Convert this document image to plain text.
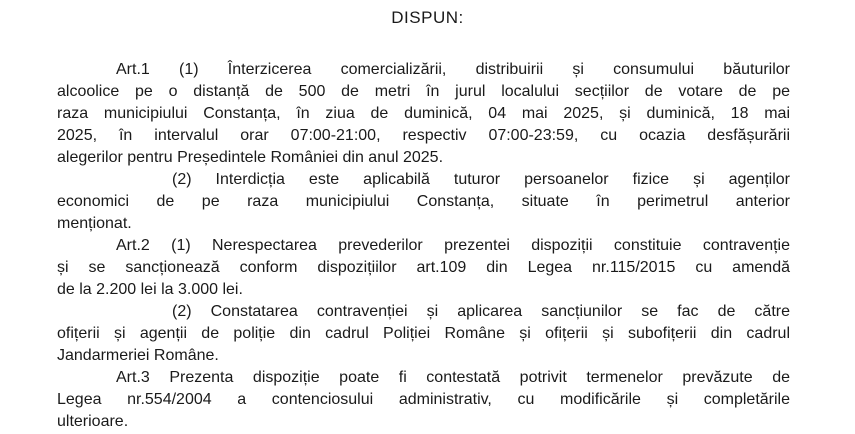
DISPUN:

Art.1 (1) Înterzicerea comercializării, distribuirii și consumului băuturilor

alcoolice pe o distanță de 500 de metri în jurul localului secțiilor de votare de pe

raza municipiului Constanța, în ziua de duminică, 04 mai 2025, și duminică, 18 mai

2025, în intervalul orar 07:00-21:00, respectiv 07:00-23:59, cu ocazia desfășurării

alegerilor pentru Președintele României din anul 2025.

(2) Interdicția este aplicabilă tuturor persoanelor fizice și agenților

economici de pe raza municipiului Constanța, situate în perimetrul anterior

menționat.

Art.2 (1) Nerespectarea prevederilor prezentei dispoziții constituie contravenție

și se sancționează conform dispozițiilor art.109 din Legea nr.115/2015 cu amendă

de la 2.200 lei la 3.000 lei.

(2) Constatarea contravenției și aplicarea sancțiunilor se fac de către

ofițerii și agenții de poliție din cadrul Poliției Române și ofițerii și subofițerii din cadrul

Jandarmeriei Române.

Art.3 Prezenta dispoziție poate fi contestată potrivit termenelor prevăzute de

Legea nr.554/2004 a contenciosului administrativ, cu modificările și completările

ulterioare.
